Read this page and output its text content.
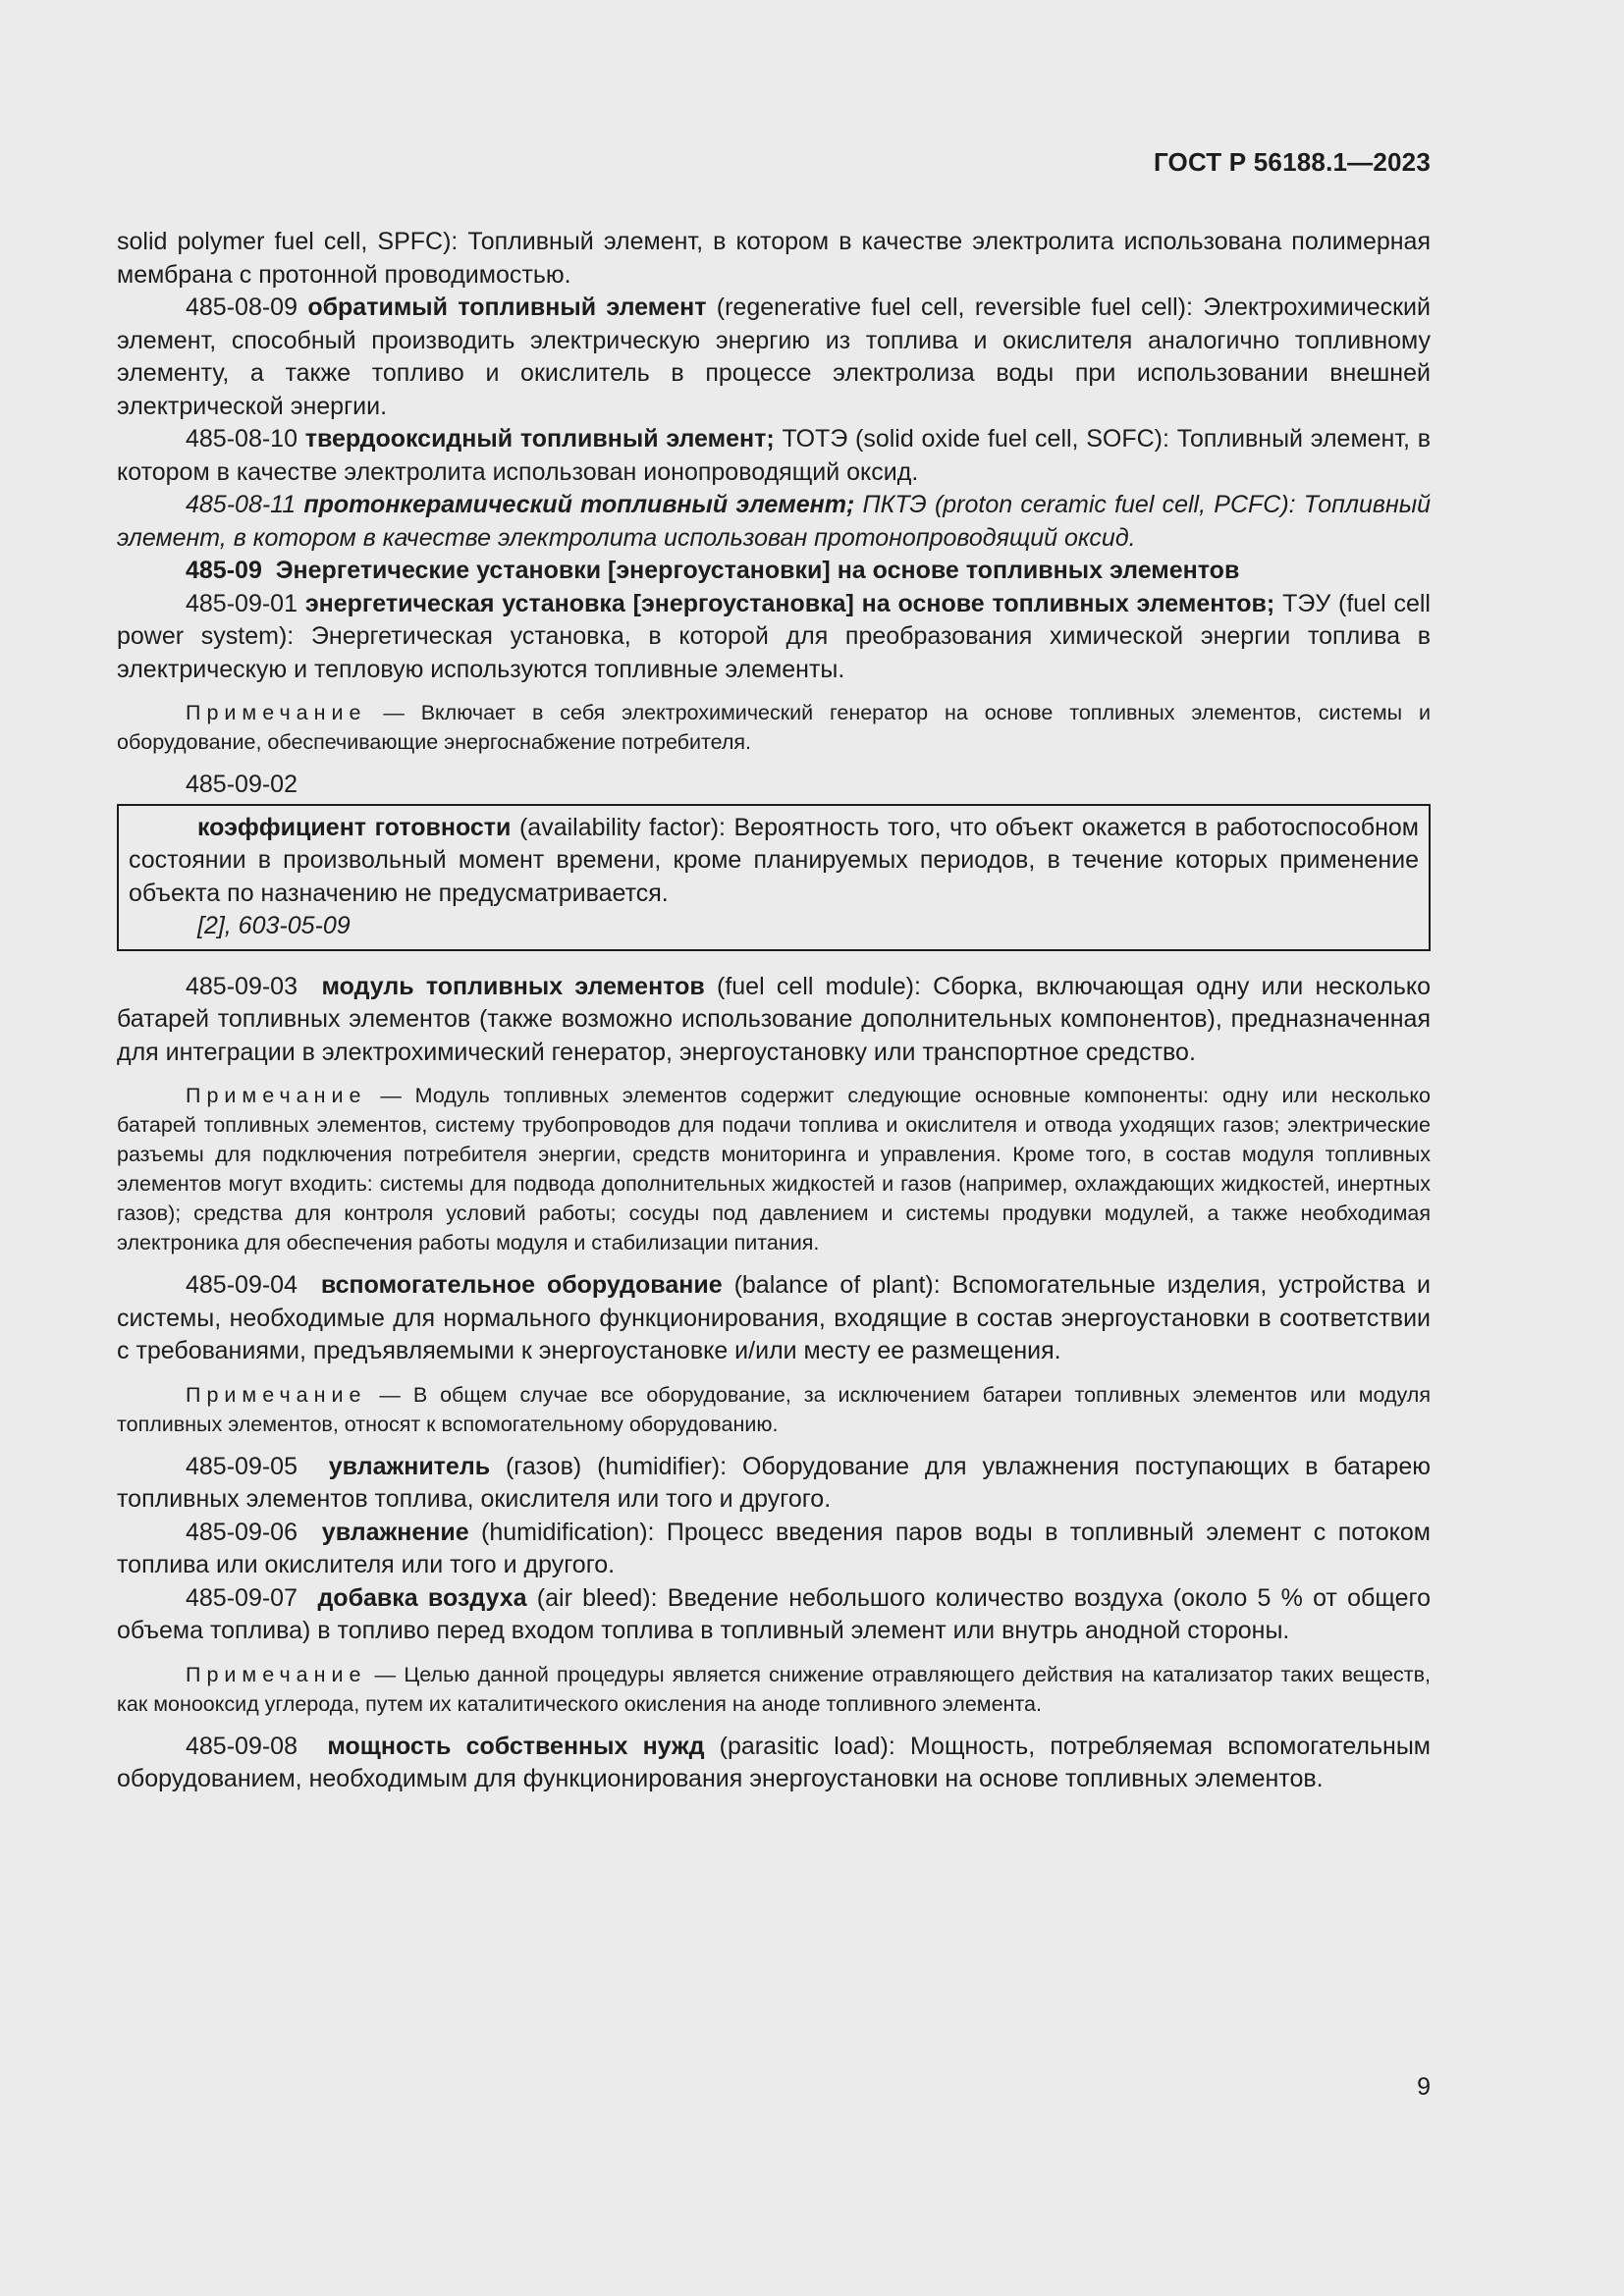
ГОСТ Р 56188.1—2023

solid polymer fuel cell, SPFC): Топливный элемент, в котором в качестве электролита использована полимерная мембрана с протонной проводимостью.

485-08-09 обратимый топливный элемент (regenerative fuel cell, reversible fuel cell): Электрохимический элемент, способный производить электрическую энергию из топлива и окислителя аналогично топливному элементу, а также топливо и окислитель в процессе электролиза воды при использовании внешней электрической энергии.

485-08-10 твердооксидный топливный элемент; ТОТЭ (solid oxide fuel cell, SOFC): Топливный элемент, в котором в качестве электролита использован ионопроводящий оксид.

485-08-11 протонкерамический топливный элемент; ПКТЭ (proton ceramic fuel cell, PCFC): Топливный элемент, в котором в качестве электролита использован протонопроводящий оксид.

485-09 Энергетические установки [энергоустановки] на основе топливных элементов

485-09-01 энергетическая установка [энергоустановка] на основе топливных элементов; ТЭУ (fuel cell power system): Энергетическая установка, в которой для преобразования химической энергии топлива в электрическую и тепловую используются топливные элементы.

Примечание — Включает в себя электрохимический генератор на основе топливных элементов, системы и оборудование, обеспечивающие энергоснабжение потребителя.

485-09-02

коэффициент готовности (availability factor): Вероятность того, что объект окажется в работоспособном состоянии в произвольный момент времени, кроме планируемых периодов, в течение которых применение объекта по назначению не предусматривается.

[2], 603-05-09

485-09-03 модуль топливных элементов (fuel cell module): Сборка, включающая одну или несколько батарей топливных элементов (также возможно использование дополнительных компонентов), предназначенная для интеграции в электрохимический генератор, энергоустановку или транспортное средство.

Примечание — Модуль топливных элементов содержит следующие основные компоненты: одну или несколько батарей топливных элементов, систему трубопроводов для подачи топлива и окислителя и отвода уходящих газов; электрические разъемы для подключения потребителя энергии, средств мониторинга и управления. Кроме того, в состав модуля топливных элементов могут входить: системы для подвода дополнительных жидкостей и газов (например, охлаждающих жидкостей, инертных газов); средства для контроля условий работы; сосуды под давлением и системы продувки модулей, а также необходимая электроника для обеспечения работы модуля и стабилизации питания.

485-09-04 вспомогательное оборудование (balance of plant): Вспомогательные изделия, устройства и системы, необходимые для нормального функционирования, входящие в состав энергоустановки в соответствии с требованиями, предъявляемыми к энергоустановке и/или месту ее размещения.

Примечание — В общем случае все оборудование, за исключением батареи топливных элементов или модуля топливных элементов, относят к вспомогательному оборудованию.

485-09-05 увлажнитель (газов) (humidifier): Оборудование для увлажнения поступающих в батарею топливных элементов топлива, окислителя или того и другого.

485-09-06 увлажнение (humidification): Процесс введения паров воды в топливный элемент с потоком топлива или окислителя или того и другого.

485-09-07 добавка воздуха (air bleed): Введение небольшого количество воздуха (около 5 % от общего объема топлива) в топливо перед входом топлива в топливный элемент или внутрь анодной стороны.

Примечание — Целью данной процедуры является снижение отравляющего действия на катализатор таких веществ, как монооксид углерода, путем их каталитического окисления на аноде топливного элемента.

485-09-08 мощность собственных нужд (parasitic load): Мощность, потребляемая вспомогательным оборудованием, необходимым для функционирования энергоустановки на основе топливных элементов.

9
